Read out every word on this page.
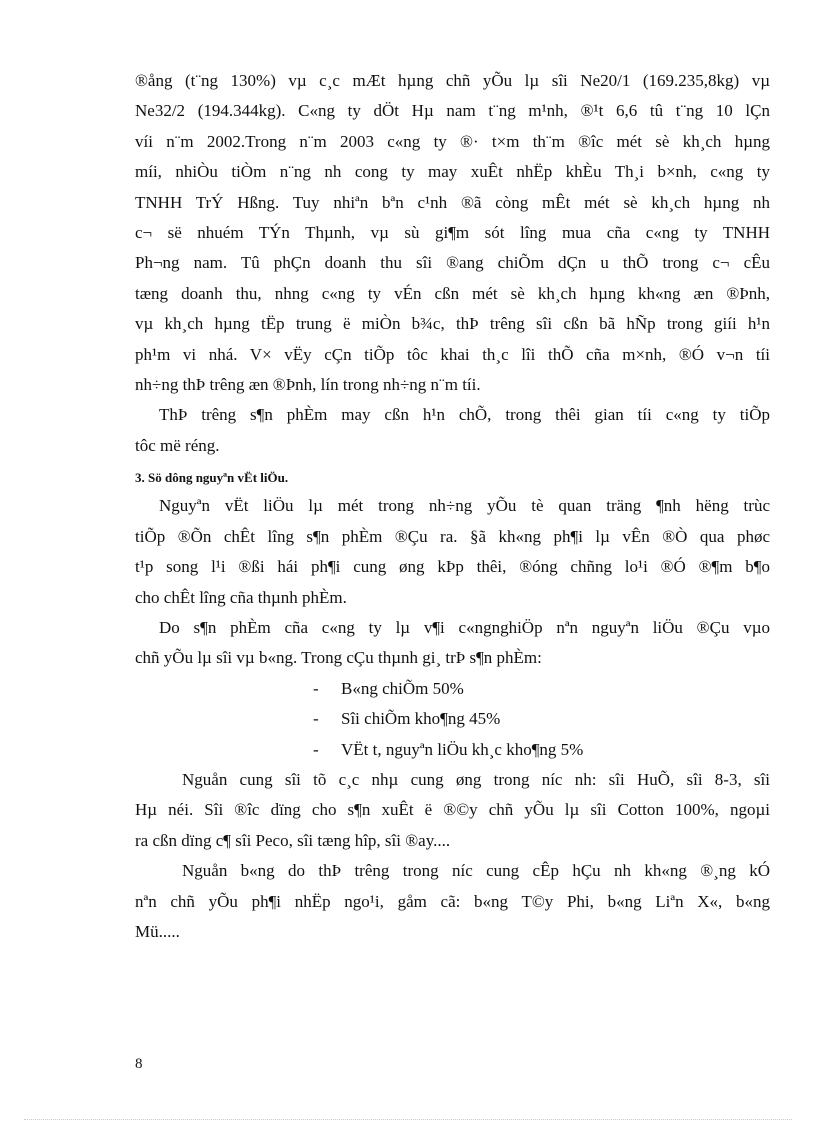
®ång (t¨ng 130%) vµ c¸c mÆt hµng chñ yÕu lµ sîi Ne20/1 (169.235,8kg) vµ
Ne32/2 (194.344kg). C«ng ty dÖt Hµ nam t¨ng m¹nh, ®¹t 6,6 tû t¨ng 10 lÇn
víi n¨m 2002.Trong n¨m 2003 c«ng ty ®· t×m th¨m ®îc mét sè kh¸ch hµng
míi, nhiÒu tiÒm n¨ng nh cong ty may xuÊt nhËp khÈu Th¸i b×nh, c«ng ty
TNHH TrÝ Hßng. Tuy nhiªn bªn c¹nh ®ã còng mÊt mét sè kh¸ch hµng nh
c¬ së nhuém TÝn Thµnh, vµ sù gi¶m sót lîng mua cña c«ng ty TNHH
Ph¬ng nam. Tû phÇn doanh thu sîi ®ang chiÕm dÇn u thÕ trong c¬ cÊu
tæng doanh thu, nhng c«ng ty vÉn cßn mét sè kh¸ch hµng kh«ng æn ®Þnh,
vµ kh¸ch hµng tËp trung ë miÒn b¾c, thÞ trêng sîi cßn bã hÑp trong giíi h¹n
ph¹m vi nhá. V× vËy cÇn tiÕp tôc khai th¸c lîi thÕ cña m×nh, ®Ó v¬n tíi
nh÷ng thÞ trêng æn ®Þnh, lín trong nh÷ng n¨m tíi.
ThÞ trêng s¶n phÈm may cßn h¹n chÕ, trong thêi gian tíi c«ng ty tiÕp
tôc më réng.
3. Sö dông nguyªn vËt liÖu.
Nguyªn vËt liÖu lµ mét trong nh÷ng yÕu tè quan träng ¶nh hëng trùc
tiÕp ®Õn chÊt lîng s¶n phÈm ®Çu ra. §ã kh«ng ph¶i lµ vÊn ®Ò qua phøc
t¹p song l¹i ®ßi hái ph¶i cung øng kÞp thêi, ®óng chñng lo¹i ®Ó ®¶m b¶o
cho chÊt lîng cña thµnh phÈm.
Do s¶n phÈm cña c«ng ty lµ v¶i c«ngnghiÖp nªn nguyªn liÖu ®Çu vµo
chñ yÕu lµ sîi vµ b«ng. Trong cÇu thµnh gi¸ trÞ s¶n phÈm:
-	B«ng chiÕm 50%
-	Sîi chiÕm kho¶ng 45%
-	VËt t, nguyªn liÖu kh¸c kho¶ng 5%
Nguån cung sîi tõ c¸c nhµ cung øng trong níc nh: sîi HuÕ, sîi 8-3, sîi
Hµ néi. Sîi ®îc dïng cho s¶n xuÊt ë ®©y chñ yÕu lµ sîi Cotton 100%, ngoµi
ra cßn dïng c¶ sîi Peco, sîi tæng hîp, sîi ®ay....
Nguån b«ng do thÞ trêng trong níc cung cÊp hÇu nh kh«ng ®¸ng kÓ
nªn chñ yÕu ph¶i nhËp ngo¹i, gåm cã: b«ng T©y Phi, b«ng Liªn X«, b«ng
Mü.....
8
